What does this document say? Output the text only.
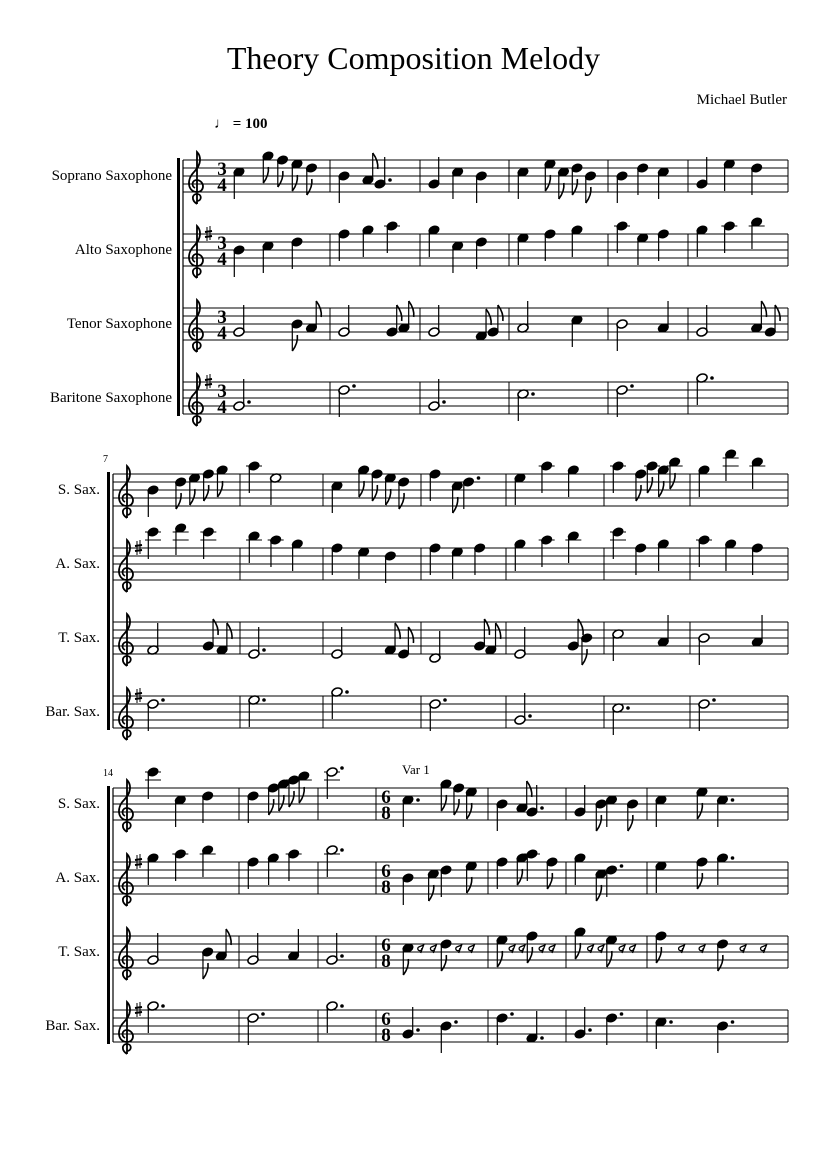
Theory Composition Melody
Michael Butler
♩ = 100
Soprano Saxophone 3
4
Alto Saxophone 3
4
Tenor Saxophone 3
4
Baritone Saxophone 3
4
7
S. Sax.
A. Sax.
T. Sax.
Bar. Sax.
14	Var 1
S. Sax.	6
8
A. Sax.	6
8
T. Sax.	6
8
Bar. Sax.	6
8
